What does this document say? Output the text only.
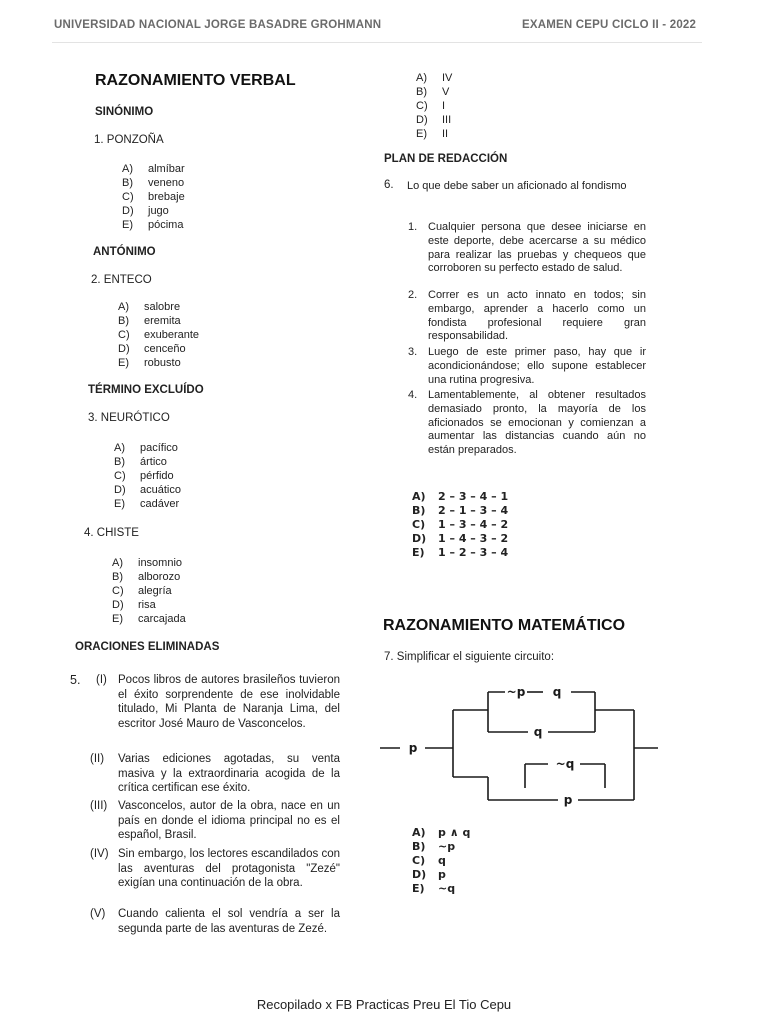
UNIVERSIDAD NACIONAL JORGE BASADRE GROHMANN	EXAMEN CEPU CICLO II - 2022
RAZONAMIENTO VERBAL
SINÓNIMO
1. PONZOÑA
A)	almíbar
B)	veneno
C)	brebaje
D)	jugo
E)	pócima
ANTÓNIMO
2. ENTECO
A)	salobre
B)	eremita
C)	exuberante
D)	cenceño
E)	robusto
TÉRMINO EXCLUÍDO
3. NEURÓTICO
A)	pacífico
B)	ártico
C)	pérfido
D)	acuático
E)	cadáver
4. CHISTE
A)	insomnio
B)	alborozo
C)	alegría
D)	risa
E)	carcajada
ORACIONES ELIMINADAS
5. (I) Pocos libros de autores brasileños tuvieron el éxito sorprendente de ese inolvidable titulado, Mi Planta de Naranja Lima, del escritor José Mauro de Vasconcelos.
(II) Varias ediciones agotadas, su venta masiva y la extraordinaria acogida de la crítica certifican ese éxito.
(III) Vasconcelos, autor de la obra, nace en un país en donde el idioma principal no es el español, Brasil.
(IV) Sin embargo, los lectores escandilados con las aventuras del protagonista "Zezé" exigían una continuación de la obra.
(V) Cuando calienta el sol vendría a ser la segunda parte de las aventuras de Zezé.
A)	IV
B)	V
C)	I
D)	III
E)	II
PLAN DE REDACCIÓN
6. Lo que debe saber un aficionado al fondismo
1. Cualquier persona que desee iniciarse en este deporte, debe acercarse a su médico para realizar las pruebas y chequeos que corroboren su perfecto estado de salud.
2. Correr es un acto innato en todos; sin embargo, aprender a hacerlo como un fondista profesional requiere gran responsabilidad.
3. Luego de este primer paso, hay que ir acondicionándose; ello supone establecer una rutina progresiva.
4. Lamentablemente, al obtener resultados demasiado pronto, la mayoría de los aficionados se emocionan y comienzan a aumentar las distancias cuando aún no están preparados.
A)	2 – 3 – 4 – 1
B)	2 – 1 – 3 – 4
C)	1 – 3 – 4 – 2
D)	1 – 4 – 3 – 2
E)	1 – 2 – 3 – 4
RAZONAMIENTO MATEMÁTICO
7. Simplificar el siguiente circuito:
p
~p q
q
~q
p
A)	p ∧ q
B)	~p
C)	q
D)	p
E)	~q
Recopilado x FB Practicas Preu El Tio Cepu
